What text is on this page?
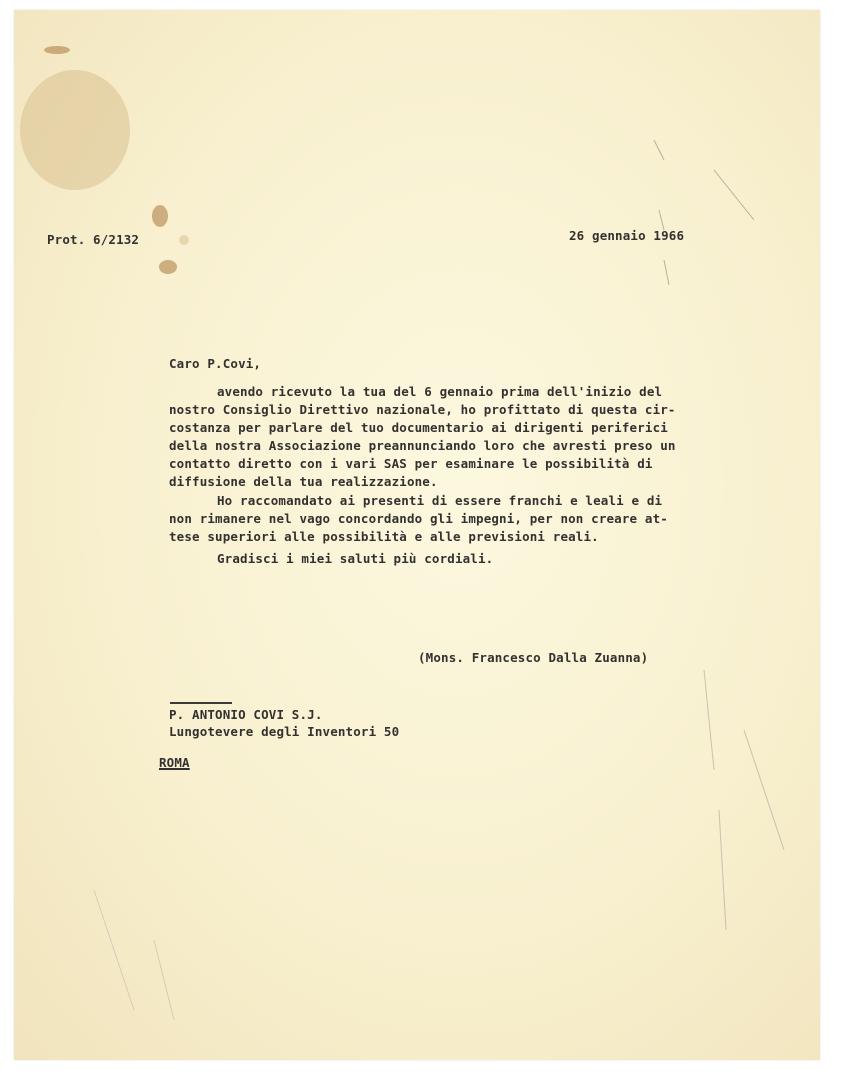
Prot. 6/2132	26 gennaio 1966
Caro P.Covi,
avendo ricevuto la tua del 6 gennaio prima dell'inizio del
nostro Consiglio Direttivo nazionale, ho profittato di questa cir-
costanza per parlare del tuo documentario ai dirigenti periferici
della nostra Associazione preannunciando loro che avresti preso un
contatto diretto con i vari SAS per esaminare le possibilità di
diffusione della tua realizzazione.
Ho raccomandato ai presenti di essere franchi e leali e di
non rimanere nel vago concordando gli impegni, per non creare at-
tese superiori alle possibilità e alle previsioni reali.
Gradisci i miei saluti più cordiali.
(Mons. Francesco Dalla Zuanna)
P. ANTONIO COVI S.J.
Lungotevere degli Inventori 50
ROMA
